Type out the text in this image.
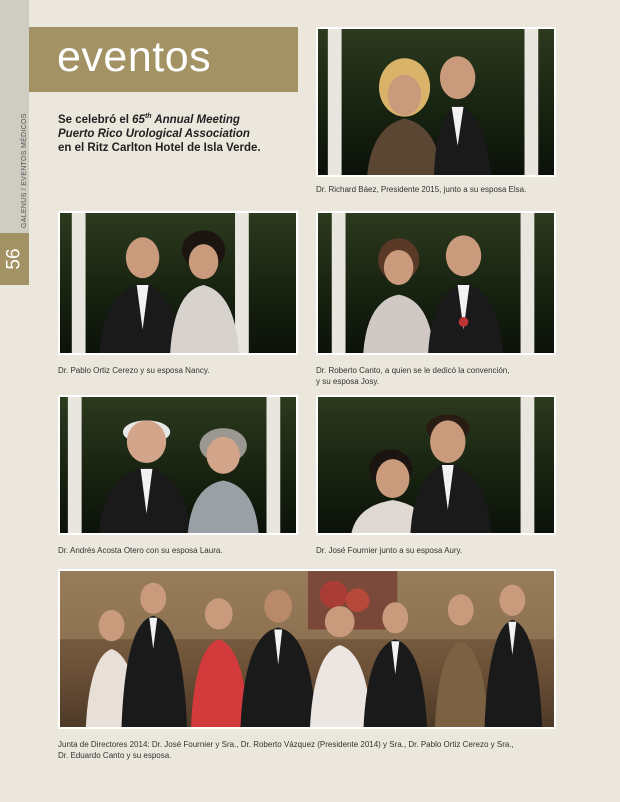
GALENUS / EVENTOS MÉDICOS
56
eventos
Se celebró el 65th Annual Meeting
Puerto Rico Urological Association
en el Ritz Carlton Hotel de Isla Verde.
Dr. Richard Báez, Presidente 2015, junto a su esposa Elsa.
Dr. Pablo Ortiz Cerezo y su esposa Nancy.	Dr. Roberto Canto, a quien se le dedicó la convención,
y su esposa Josy.
Dr. Andrés Acosta Otero con su esposa Laura.	Dr. José Fournier junto a su esposa Aury.
Junta de Directores 2014: Dr. José Fournier y Sra., Dr. Roberto Vázquez (Presidente 2014) y Sra., Dr. Pablo Ortiz Cerezo y Sra.,
Dr. Eduardo Canto y su esposa.
